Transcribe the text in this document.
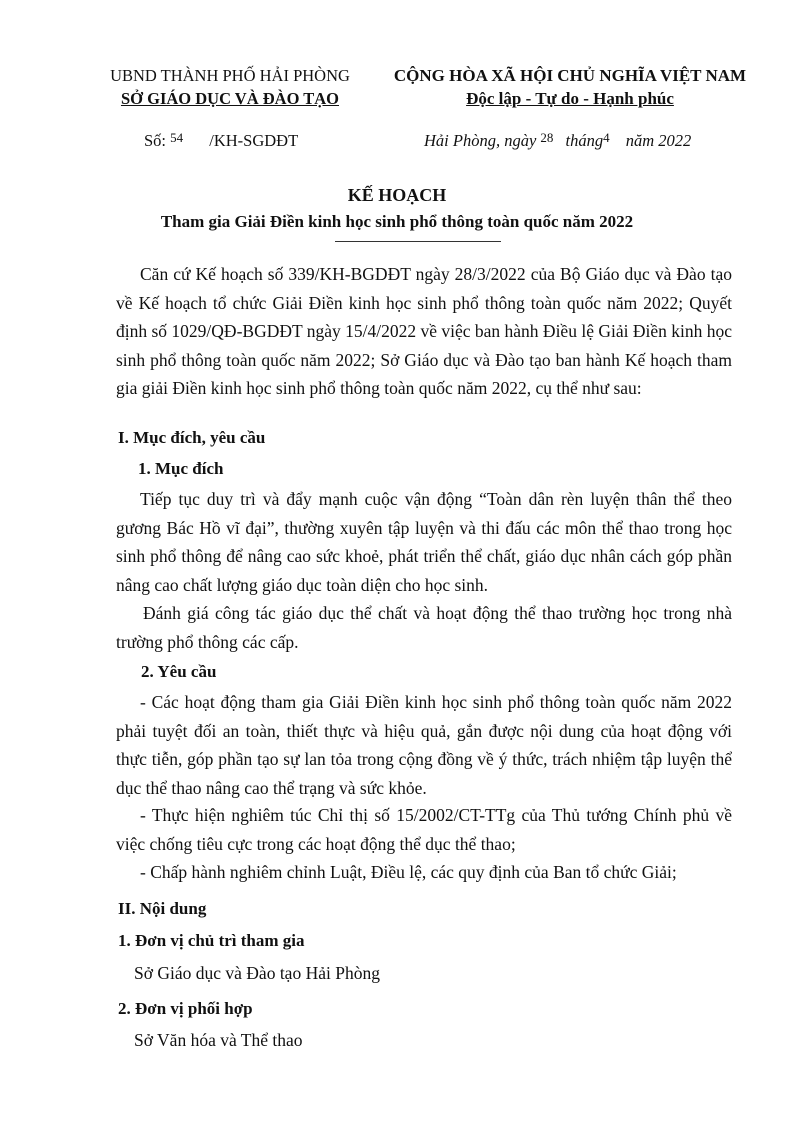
UBND THÀNH PHỐ HẢI PHÒNG
SỞ GIÁO DỤC VÀ ĐÀO TẠO
CỘNG HÒA XÃ HỘI CHỦ NGHĨA VIỆT NAM
Độc lập - Tự do - Hạnh phúc
Số: $^{54}$ /KH-SGDĐT	Hải Phòng, ngày $^{28}$ tháng$^4$ năm 2022
KẾ HOẠCH
Tham gia Giải Điền kinh học sinh phổ thông toàn quốc năm 2022
Căn cứ Kế hoạch số 339/KH-BGDĐT ngày 28/3/2022 của Bộ Giáo dục và Đào tạo về Kế hoạch tổ chức Giải Điền kinh học sinh phổ thông toàn quốc năm 2022; Quyết định số 1029/QĐ-BGDĐT ngày 15/4/2022 về việc ban hành Điều lệ Giải Điền kinh học sinh phổ thông toàn quốc năm 2022; Sở Giáo dục và Đào tạo ban hành Kế hoạch tham gia giải Điền kinh học sinh phổ thông toàn quốc năm 2022, cụ thể như sau:
I. Mục đích, yêu cầu
1. Mục đích
Tiếp tục duy trì và đẩy mạnh cuộc vận động “Toàn dân rèn luyện thân thể theo gương Bác Hồ vĩ đại”, thường xuyên tập luyện và thi đấu các môn thể thao trong học sinh phổ thông để nâng cao sức khoẻ, phát triển thể chất, giáo dục nhân cách góp phần nâng cao chất lượng giáo dục toàn diện cho học sinh.
Đánh giá công tác giáo dục thể chất và hoạt động thể thao trường học trong nhà trường phổ thông các cấp.
2. Yêu cầu
- Các hoạt động tham gia Giải Điền kinh học sinh phổ thông toàn quốc năm 2022 phải tuyệt đối an toàn, thiết thực và hiệu quả, gắn được nội dung của hoạt động với thực tiễn, góp phần tạo sự lan tỏa trong cộng đồng về ý thức, trách nhiệm tập luyện thể dục thể thao nâng cao thể trạng và sức khỏe.
- Thực hiện nghiêm túc Chỉ thị số 15/2002/CT-TTg của Thủ tướng Chính phủ về việc chống tiêu cực trong các hoạt động thể dục thể thao;
- Chấp hành nghiêm chỉnh Luật, Điều lệ, các quy định của Ban tổ chức Giải;
II. Nội dung
1. Đơn vị chủ trì tham gia
Sở Giáo dục và Đào tạo Hải Phòng
2. Đơn vị phối hợp
Sở Văn hóa và Thể thao
